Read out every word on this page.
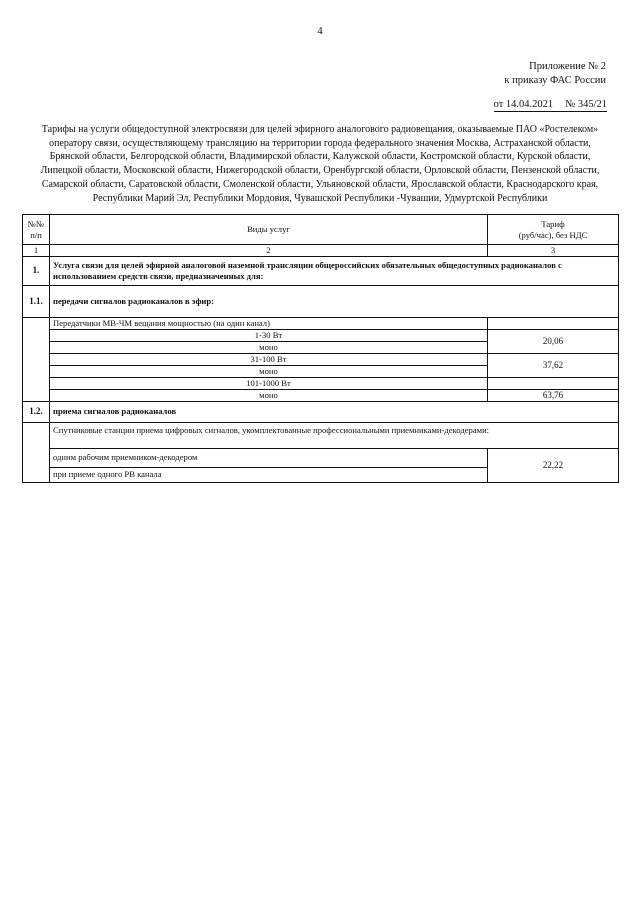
4
Приложение № 2
к приказу ФАС России
от 14.04.2021 № 345/21
Тарифы на услуги общедоступной электросвязи для целей эфирного аналогового радиовещания, оказываемые ПАО «Ростелеком»
оператору связи, осуществляющему трансляцию на территории города федерального значения Москва, Астраханской области,
Брянской области, Белгородской области, Владимирской области, Калужской области, Костромской области, Курской области,
Липецкой области, Московской области, Нижегородской области, Оренбургской области, Орловской области, Пензенской области,
Самарской области, Саратовской области, Смоленской области, Ульяновской области, Ярославской области, Краснодарского края,
Республики Марий Эл, Республики Мордовия, Чувашской Республики -Чувашии, Удмуртской Республики
№№
п/п	Виды услуг	Тариф
(руб/час), без НДС

1	2	3
1.	Услуга связи для целей эфирной аналоговой наземной трансляции общероссийских обязательных общедоступных радиоканалов с
использованием средств связи, предназначенных для:	

1.1.	передачи сигналов радиоканалов в эфир:	
	Передатчики МВ-ЧМ вещания мощностью (на один канал)	
	1-30 Вт	20,06
	моно	
	31-100 Вт	37,62
	моно	
	101-1000 Вт	
	моно	63,76
1.2.	приема сигналов радиоканалов	
	Спутниковые станции приема цифровых сигналов, укомплектованные профессиональными приемниками-декодерами:	
	одним рабочим приемником-декодером	22,22
	при приеме одного РВ канала	
